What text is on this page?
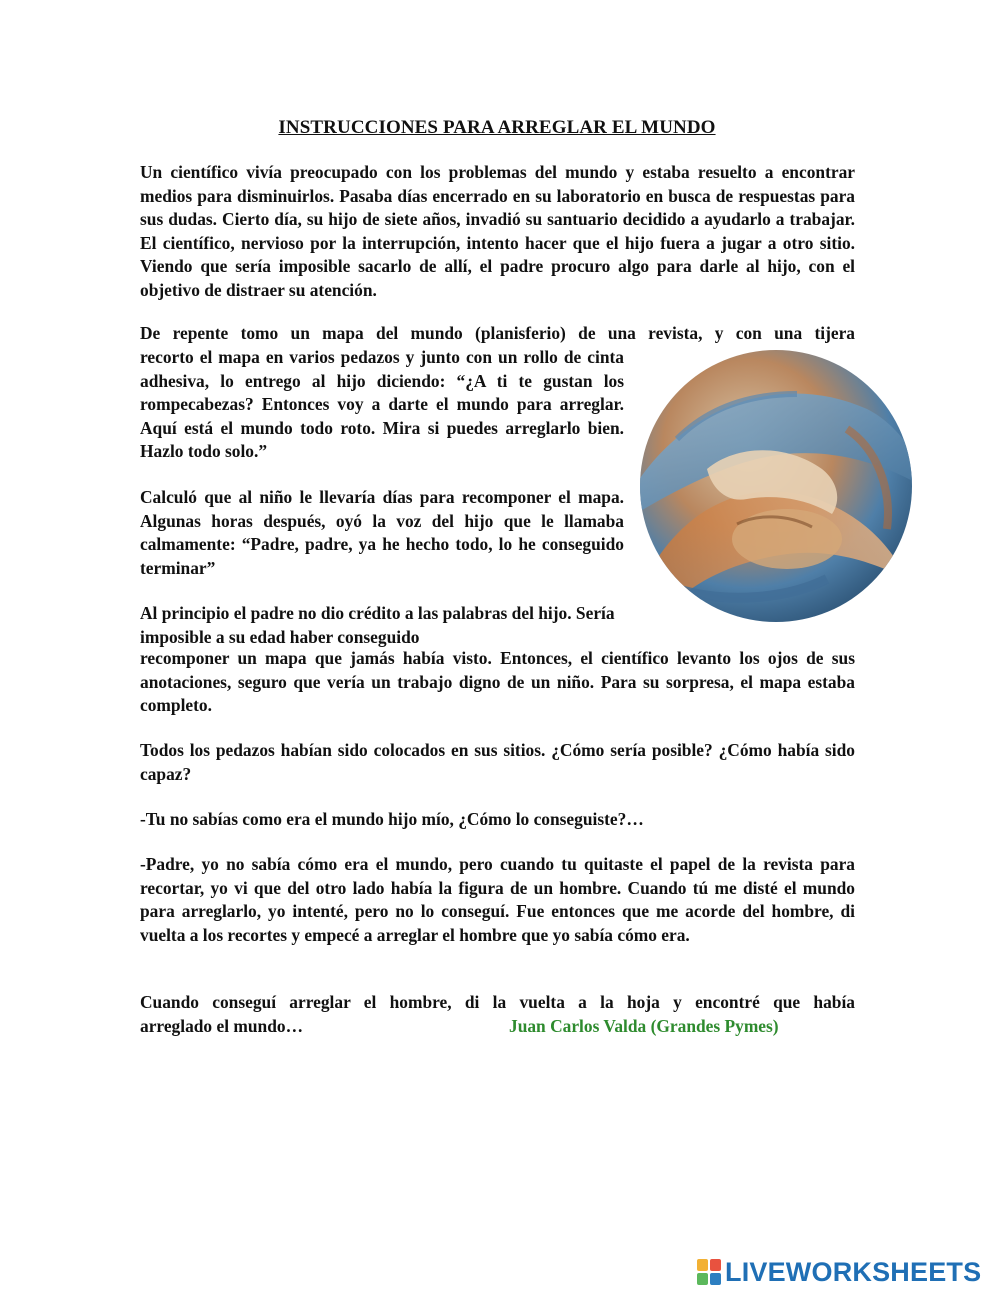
INSTRUCCIONES PARA ARREGLAR EL MUNDO
Un científico vivía preocupado con los problemas del mundo y estaba resuelto a encontrar medios para disminuirlos. Pasaba días encerrado en su laboratorio en busca de respuestas para sus dudas. Cierto día, su hijo de siete años, invadió su santuario decidido a ayudarlo a trabajar. El científico, nervioso por la interrupción, intento hacer que el hijo fuera a jugar a otro sitio. Viendo que sería imposible sacarlo de allí, el padre procuro algo para darle al hijo, con el objetivo de distraer su atención.
De repente tomo un mapa del mundo (planisferio) de una revista, y con una tijera

recorto el mapa en varios pedazos y junto con un rollo de cinta adhesiva, lo entrego al hijo diciendo: “¿A ti te gustan los rompecabezas? Entonces voy a darte el mundo para arreglar. Aquí está el mundo todo roto. Mira si puedes arreglarlo bien. Hazlo todo solo.”

Calculó que al niño le llevaría días para recomponer el mapa. Algunas horas después, oyó la voz del hijo que le llamaba calmamente: “Padre, padre, ya he hecho todo, lo he conseguido terminar”

Al principio el padre no dio crédito a las palabras del hijo. Sería imposible a su edad haber conseguido

recomponer un mapa que jamás había visto. Entonces, el científico levanto los ojos de sus anotaciones, seguro que vería un trabajo digno de un niño. Para su sorpresa, el mapa estaba completo.
Todos los pedazos habían sido colocados en sus sitios. ¿Cómo sería posible? ¿Cómo había sido capaz?
-Tu no sabías como era el mundo hijo mío, ¿Cómo lo conseguiste?…
-Padre, yo no sabía cómo era el mundo, pero cuando tu quitaste el papel de la revista para recortar, yo vi que del otro lado había la figura de un hombre. Cuando tú me disté el mundo para arreglarlo, yo intenté, pero no lo conseguí. Fue entonces que me acorde del hombre, di vuelta a los recortes y empecé a arreglar el hombre que yo sabía cómo era.
Cuando conseguí arreglar el hombre, di la vuelta a la hoja y encontré que había
arreglado el mundo…	Juan Carlos Valda (Grandes Pymes)
LIVEWORKSHEETS
